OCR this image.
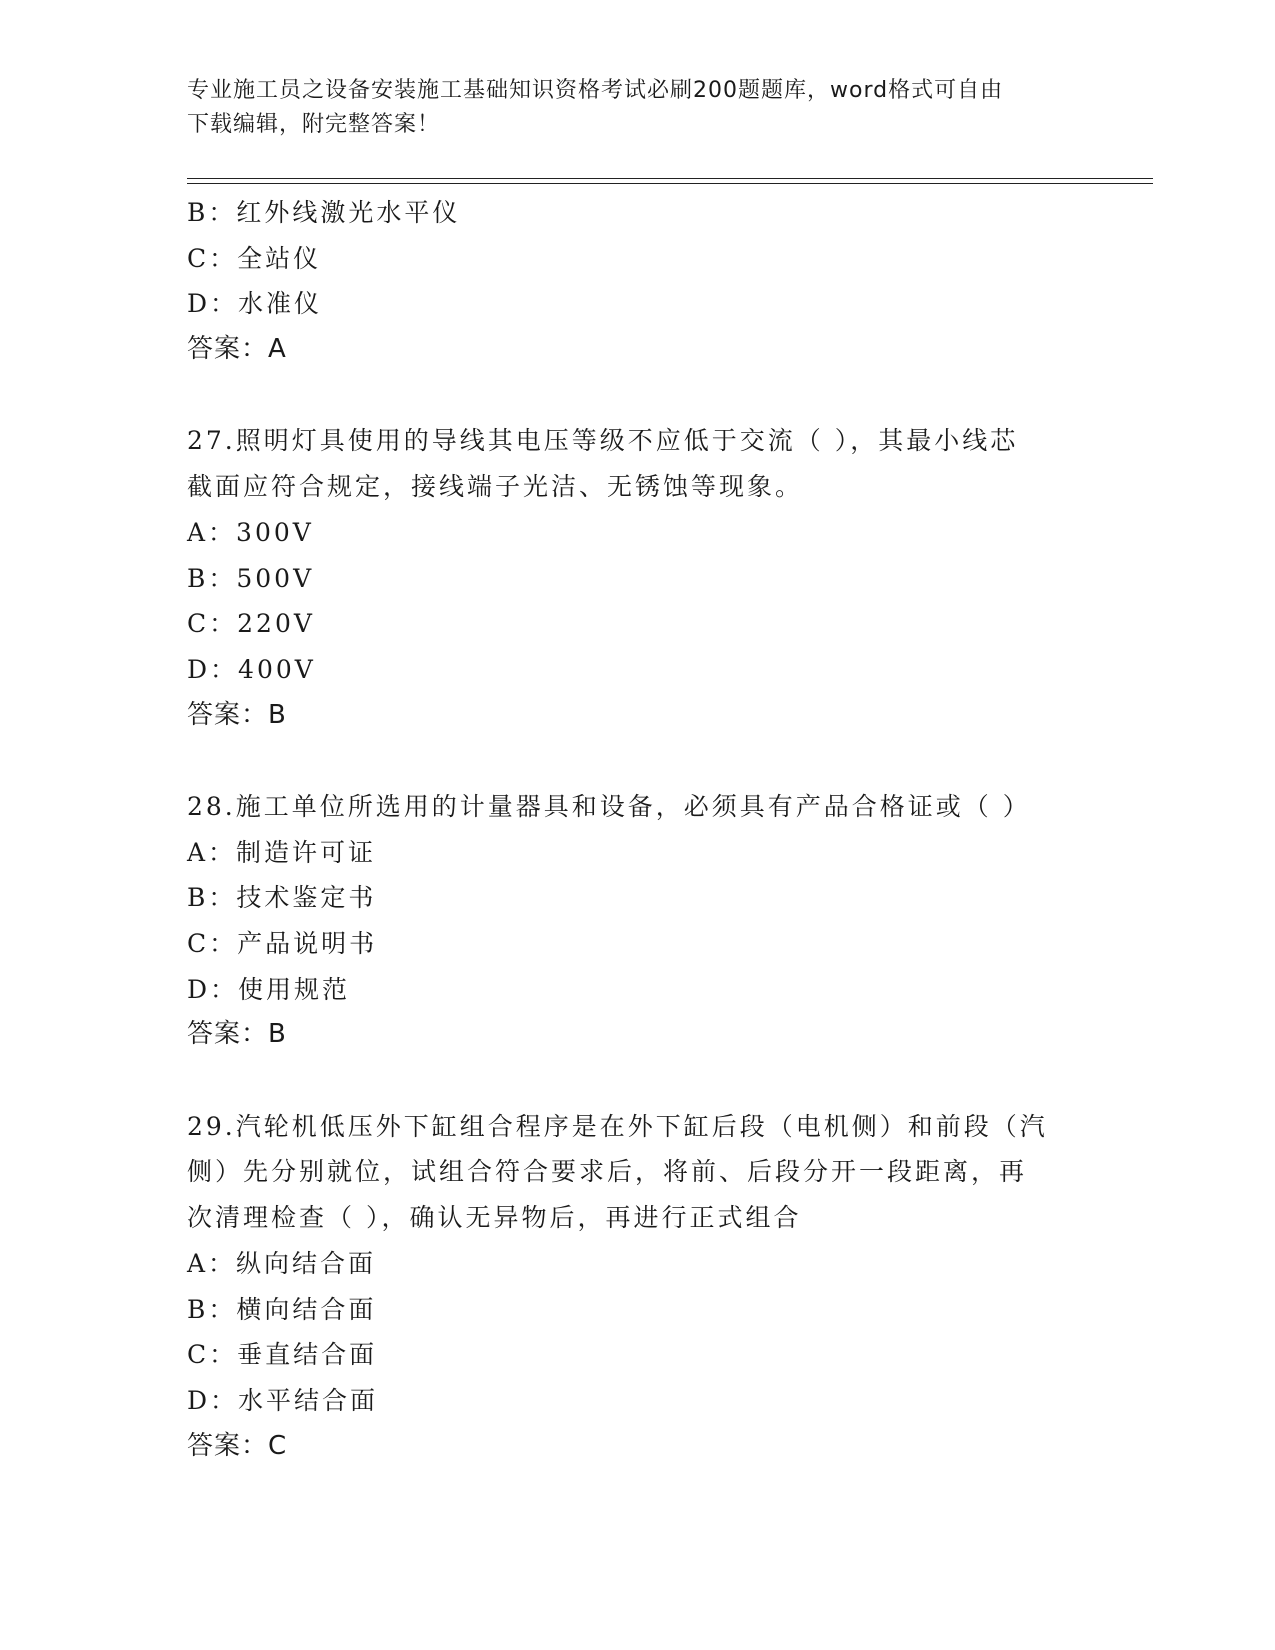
专业施工员之设备安装施工基础知识资格考试必刷200题题库，word格式可自由
下载编辑，附完整答案！
B：红外线激光水平仪
C：全站仪
D：水准仪
答案：A
27.照明灯具使用的导线其电压等级不应低于交流（ ），其最小线芯
截面应符合规定，接线端子光洁、无锈蚀等现象。
A：300V
B：500V
C：220V
D：400V
答案：B
28.施工单位所选用的计量器具和设备，必须具有产品合格证或（ ）
A：制造许可证
B：技术鉴定书
C：产品说明书
D：使用规范
答案：B
29.汽轮机低压外下缸组合程序是在外下缸后段（电机侧）和前段（汽
侧）先分别就位，试组合符合要求后，将前、后段分开一段距离，再
次清理检查（ ），确认无异物后，再进行正式组合
A：纵向结合面
B：横向结合面
C：垂直结合面
D：水平结合面
答案：C
